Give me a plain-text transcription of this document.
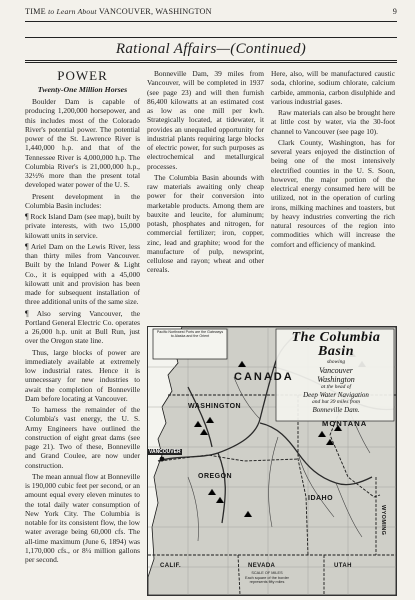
TIME to Learn About VANCOUVER, WASHINGTON	9
Rational Affairs—(Continued)

POWER

Twenty-One Million Horses

Boulder Dam is capable of producing 1,200,000 horsepower, and this includes most of the Colorado River's potential power. The potential power of the St. Lawrence River is 1,440,000 h.p. and that of the Tennessee River is 4,000,000 h.p. The Columbia River's is 21,000,000 h.p., 32½% more than the present total developed water power of the U. S.

Present development in the Columbia Basin includes:

¶ Rock Island Dam (see map), built by private interests, with two 15,000 kilowatt units in service.

¶ Ariel Dam on the Lewis River, less than thirty miles from Vancouver. Built by the Inland Power & Light Co., it is equipped with a 45,000 kilowatt unit and provision has been made for subsequent installation of three additional units of the same size.

¶ Also serving Vancouver, the Portland General Electric Co. operates a 26,000 h.p. unit at Bull Run, just over the Oregon state line.

Thus, large blocks of power are immediately available at extremely low industrial rates. Hence it is unnecessary for new industries to await the completion of Bonneville Dam before locating at Vancouver.

To harness the remainder of the Columbia's vast energy, the U. S. Army Engineers have outlined the construction of eight great dams (see page 21). Two of these, Bonneville and Grand Coulee, are now under construction.

The mean annual flow at Bonneville is 190,000 cubic feet per second, or an amount equal every eleven minutes to the total daily water consumption of New York City. The Columbia is notable for its consistent flow, the low water average being 60,000 cfs. The all-time maximum (June 6, 1894) was 1,170,000 cfs., or 8¼ million gallons per second.

Bonneville Dam, 39 miles from Vancouver, will be completed in 1937 (see page 23) and will then furnish 86,400 kilowatts at an estimated cost as low as one mill per kwh. Strategically located, at tidewater, it provides an unequalled opportunity for industrial plants requiring large blocks of electric power, for such purposes as electrochemical and metallurgical processes.

The Columbia Basin abounds with raw materials awaiting only cheap power for their conversion into marketable products. Among them are bauxite and leucite, for aluminum; potash, phosphates and nitrogen, for commercial fertilizer; iron, copper, zinc, lead and graphite; wood for the manufacture of pulp, newsprint, cellulose and rayon; wheat and other cereals.

Here, also, will be manufactured caustic soda, chlorine, sodium chlorate, calcium carbide, ammonia, carbon disulphide and various industrial gases.

Raw materials can also be brought here at little cost by water, via the 30-foot channel to Vancouver (see page 10).

Clark County, Washington, has for several years enjoyed the distinction of being one of the most intensively electrified counties in the U. S. Soon, however, the major portion of the electrical energy consumed here will be utilized, not in the operation of curling irons, milking machines and toasters, but by heavy industries converting the rich natural resources of the region into commodities which will increase the comfort and efficiency of mankind.

Pacific Northwest Ports are the Gateways to Alaska and the Orient	The Columbia Basin
showing
Vancouver
Washington
at the head of
Deep Water Navigation
and but 39 miles from
Bonneville Dam.
CANADA
MONTANA
WASHINGTON
OREGON
IDAHO
CALIF.	NEVADA	UTAH
WYOMING
VANCOUVER
SCALE OF MILES
Each square of the border
represents fifty miles
